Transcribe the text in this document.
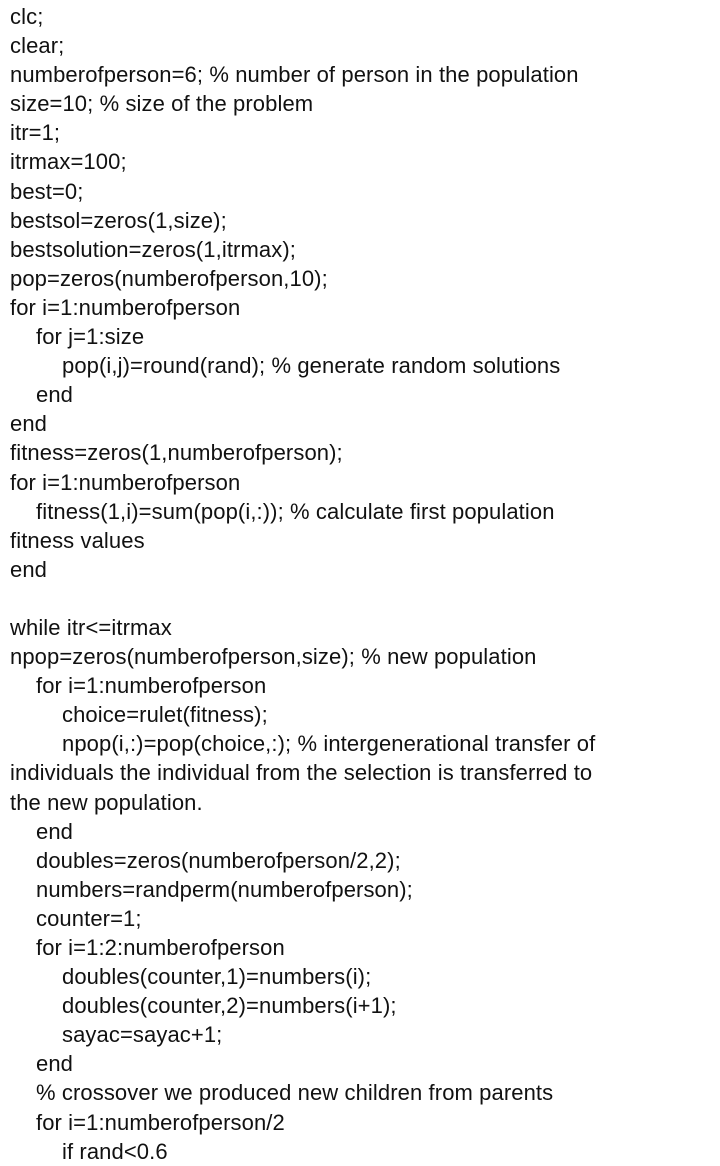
clc;
clear;
numberofperson=6; % number of person in the population
size=10; % size of the problem
itr=1;
itrmax=100;
best=0;
bestsol=zeros(1,size);
bestsolution=zeros(1,itrmax);
pop=zeros(numberofperson,10);
for i=1:numberofperson
for j=1:size
pop(i,j)=round(rand); % generate random solutions
end
end
fitness=zeros(1,numberofperson);
for i=1:numberofperson
fitness(1,i)=sum(pop(i,:)); % calculate first population
fitness values
end
while itr<=itrmax
npop=zeros(numberofperson,size); % new population
for i=1:numberofperson
choice=rulet(fitness);
npop(i,:)=pop(choice,:); % intergenerational transfer of
individuals the individual from the selection is transferred to
the new population.
end
doubles=zeros(numberofperson/2,2);
numbers=randperm(numberofperson);
counter=1;
for i=1:2:numberofperson
doubles(counter,1)=numbers(i);
doubles(counter,2)=numbers(i+1);
sayac=sayac+1;
end
% crossover we produced new children from parents
for i=1:numberofperson/2
if rand<0.6
